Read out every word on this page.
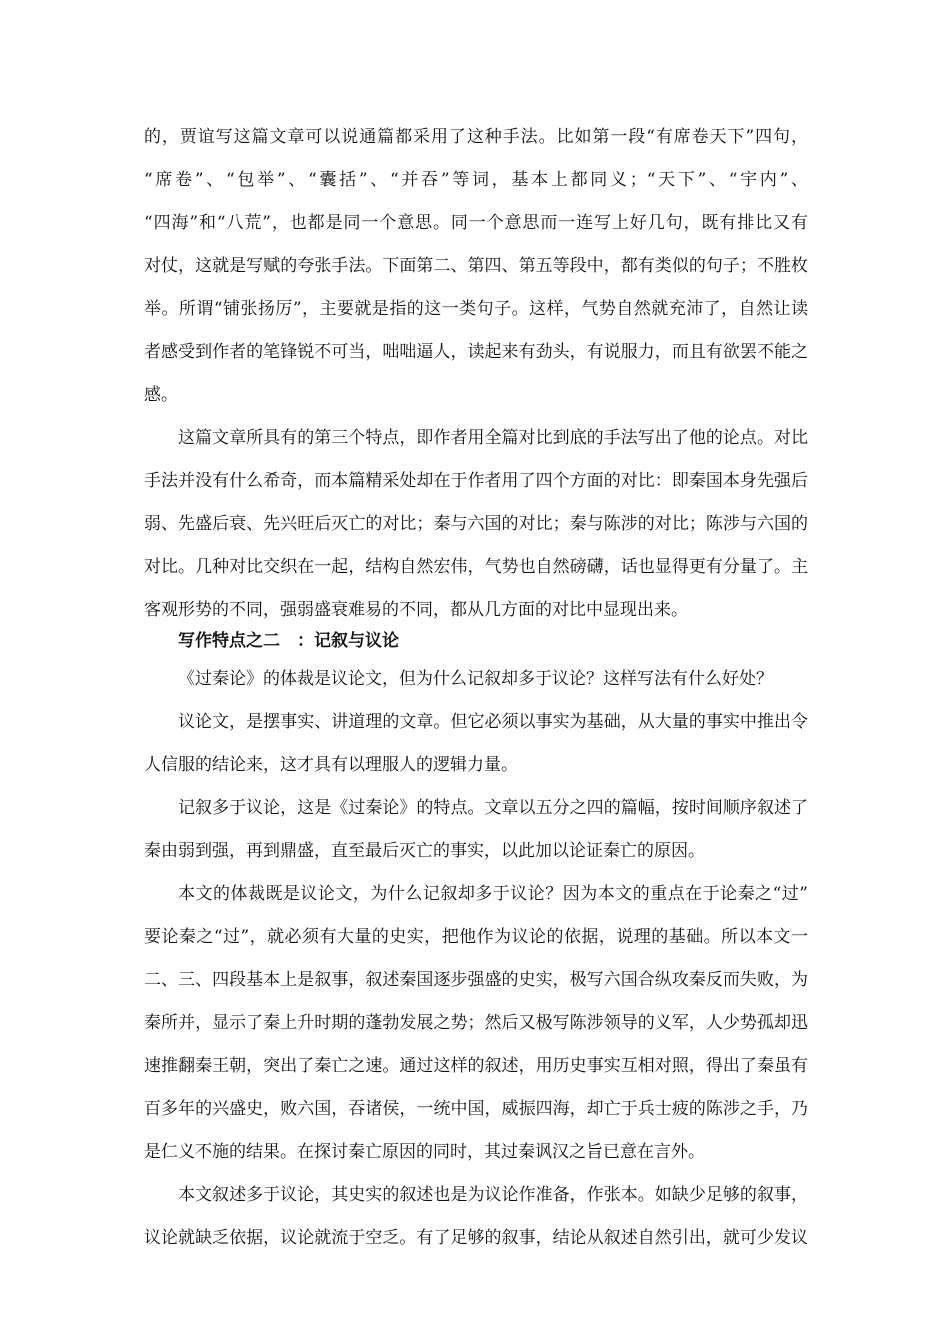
的，贾谊写这篇文章可以说通篇都采用了这种手法。比如第一段“有席卷天下”四句，
“席卷”、“包举”、“囊括”、“并吞”等词，基本上都同义；“天下”、“宇内”、
“四海”和“八荒”，也都是同一个意思。同一个意思而一连写上好几句，既有排比又有
对仗，这就是写赋的夸张手法。下面第二、第四、第五等段中，都有类似的句子；不胜枚
举。所谓“铺张扬厉”，主要就是指的这一类句子。这样，气势自然就充沛了，自然让读
者感受到作者的笔锋锐不可当，咄咄逼人，读起来有劲头，有说服力，而且有欲罢不能之
感。
这篇文章所具有的第三个特点，即作者用全篇对比到底的手法写出了他的论点。对比
手法并没有什么希奇，而本篇精采处却在于作者用了四个方面的对比：即秦国本身先强后
弱、先盛后衰、先兴旺后灭亡的对比；秦与六国的对比；秦与陈涉的对比；陈涉与六国的
对比。几种对比交织在一起，结构自然宏伟，气势也自然磅礴，话也显得更有分量了。主
客观形势的不同，强弱盛衰难易的不同，都从几方面的对比中显现出来。
写作特点之二　：记叙与议论
《过秦论》的体裁是议论文，但为什么记叙却多于议论？这样写法有什么好处？
议论文，是摆事实、讲道理的文章。但它必须以事实为基础，从大量的事实中推出令
人信服的结论来，这才具有以理服人的逻辑力量。
记叙多于议论，这是《过秦论》的特点。文章以五分之四的篇幅，按时间顺序叙述了
秦由弱到强，再到鼎盛，直至最后灭亡的事实，以此加以论证秦亡的原因。
本文的体裁既是议论文，为什么记叙却多于议论？因为本文的重点在于论秦之“过”
要论秦之“过”，就必须有大量的史实，把他作为议论的依据，说理的基础。所以本文一
二、三、四段基本上是叙事，叙述秦国逐步强盛的史实，极写六国合纵攻秦反而失败，为
秦所并，显示了秦上升时期的蓬勃发展之势；然后又极写陈涉领导的义军，人少势孤却迅
速推翻秦王朝，突出了秦亡之速。通过这样的叙述，用历史事实互相对照，得出了秦虽有
百多年的兴盛史，败六国，吞诸侯，一统中国，威振四海，却亡于兵士疲的陈涉之手，乃
是仁义不施的结果。在探讨秦亡原因的同时，其过秦讽汉之旨已意在言外。
本文叙述多于议论，其史实的叙述也是为议论作准备，作张本。如缺少足够的叙事，
议论就缺乏依据，议论就流于空乏。有了足够的叙事，结论从叙述自然引出，就可少发议
